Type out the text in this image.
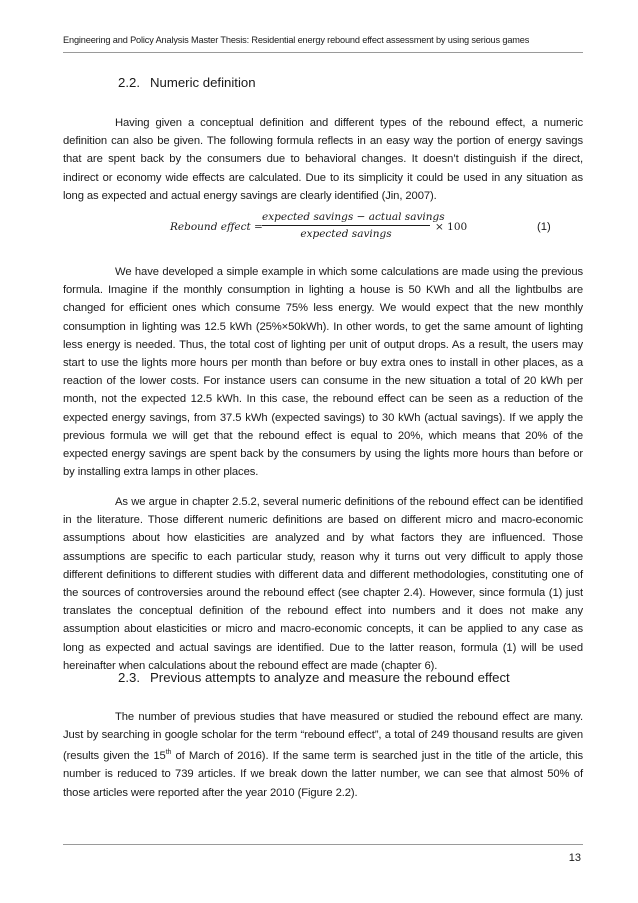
Engineering and Policy Analysis Master Thesis: Residential energy rebound effect assessment by using serious games
2.2. Numeric definition

Having given a conceptual definition and different types of the rebound effect, a numeric definition can also be given. The following formula reflects in an easy way the portion of energy savings that are spent back by the consumers due to behavioral changes. It doesn’t distinguish if the direct, indirect or economy wide effects are calculated. Due to its simplicity it could be used in any situation as long as expected and actual energy savings are clearly identified (Jin, 2007).

Rebound effect =
expected savings − actual savings
expected savings
× 100	(1)

We have developed a simple example in which some calculations are made using the previous formula. Imagine if the monthly consumption in lighting a house is 50 KWh and all the lightbulbs are changed for efficient ones which consume 75% less energy. We would expect that the new monthly consumption in lighting was 12.5 kWh (25%×50kWh). In other words, to get the same amount of lighting less energy is needed. Thus, the total cost of lighting per unit of output drops. As a result, the users may start to use the lights more hours per month than before or buy extra ones to install in other places, as a reaction of the lower costs. For instance users can consume in the new situation a total of 20 kWh per month, not the expected 12.5 kWh. In this case, the rebound effect can be seen as a reduction of the expected energy savings, from 37.5 kWh (expected savings) to 30 kWh (actual savings). If we apply the previous formula we will get that the rebound effect is equal to 20%, which means that 20% of the expected energy savings are spent back by the consumers by using the lights more hours than before or by installing extra lamps in other places.

As we argue in chapter 2.5.2, several numeric definitions of the rebound effect can be identified in the literature. Those different numeric definitions are based on different micro and macro-economic assumptions about how elasticities are analyzed and by what factors they are influenced. Those assumptions are specific to each particular study, reason why it turns out very difficult to apply those different definitions to different studies with different data and different methodologies, constituting one of the sources of controversies around the rebound effect (see chapter 2.4). However, since formula (1) just translates the conceptual definition of the rebound effect into numbers and it does not make any assumption about elasticities or micro and macro-economic concepts, it can be applied to any case as long as expected and actual savings are identified. Due to the latter reason, formula (1) will be used hereinafter when calculations about the rebound effect are made (chapter 6).

2.3. Previous attempts to analyze and measure the rebound effect

The number of previous studies that have measured or studied the rebound effect are many. Just by searching in google scholar for the term “rebound effect”, a total of 249 thousand results are given (results given the 15th of March of 2016). If the same term is searched just in the title of the article, this number is reduced to 739 articles. If we break down the latter number, we can see that almost 50% of those articles were reported after the year 2010 (Figure 2.2).

13
